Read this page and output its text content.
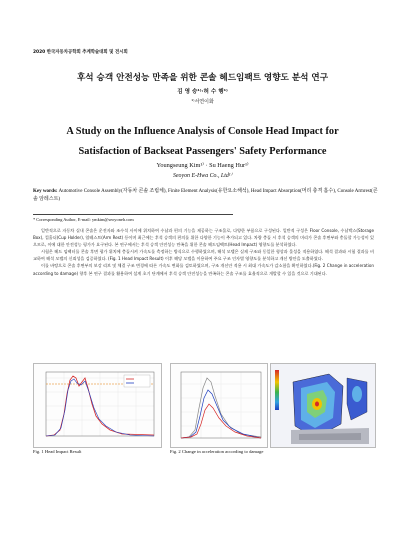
2020 한국자동차공학회 추계학술대회 및 전시회
후석 승객 안전성능 만족을 위한 콘솔 헤드임팩트 영향도 분석 연구
김 영 승¹⁾·허 수 행¹⁾
¹⁾서연이화
A Study on the Influence Analysis of Console Head Impact for Satisfaction of Backseat Passengers' Safety Performance
Youngseung Kim¹⁾ · Su Haeng Hur¹⁾
Seoyon E-Hwa Co., Ltd¹⁾
Key words: Automotive Console Assembly(자동차 콘솔 조립체), Finite Element Analysis(유한요소해석), Head Impact Absorption(머리 충격 흡수), Console Armrest(콘솔 암레스트)
* Corresponding Author, E-mail: ymkim@seoyoneh.com

일반적으로 자동차 실내 콘솔은 운전자와 조수석 사이에 위치하여 수납과 편의 기능을 제공하는 구조물로, 다양한 부품으로 구성된다. 일반적 구성은 Floor Console, 수납박스(Storage Box), 컵홀더(Cup Holder), 암레스트(Arm Rest) 등이며 최근에는 후석 승객의 편의를 위한 다양한 기능이 추가되고 있다. 차량 충돌 시 후석 승객의 머리가 콘솔 후면부와 충돌할 가능성이 있으므로, 이에 대한 안전성능 평가가 요구된다. 본 연구에서는 후석 승객 안전성능 만족을 위한 콘솔 헤드임팩트(Head Impact) 영향도를 분석하였다.

시험은 헤드 임팩터를 콘솔 후면 평가 위치에 충돌시켜 가속도를 측정하는 방식으로 수행하였으며, 해석 모델은 실제 구조와 동일한 형상과 물성을 적용하였다. 해석 결과와 시험 결과를 비교하여 해석 모델의 신뢰성을 검증하였다. (Fig. 1 Head Impact Result) 이후 해당 모델을 이용하여 주요 구조 인자별 영향도를 분석하고 개선 방안을 도출하였다.

이를 바탕으로 콘솔 후면부의 보강 리브 및 체결 구조 변경에 따른 가속도 변화를 검토하였으며, 구조 개선안 적용 시 최대 가속도가 감소함을 확인하였다.(Fig. 2 Change in acceleration according to damage) 향후 본 연구 결과를 활용하여 설계 초기 단계에서 후석 승객 안전성능을 만족하는 콘솔 구조를 효율적으로 개발할 수 있을 것으로 기대된다.

Fig. 1 Head Impact Result	Fig. 2 Change in acceleration according to damage
